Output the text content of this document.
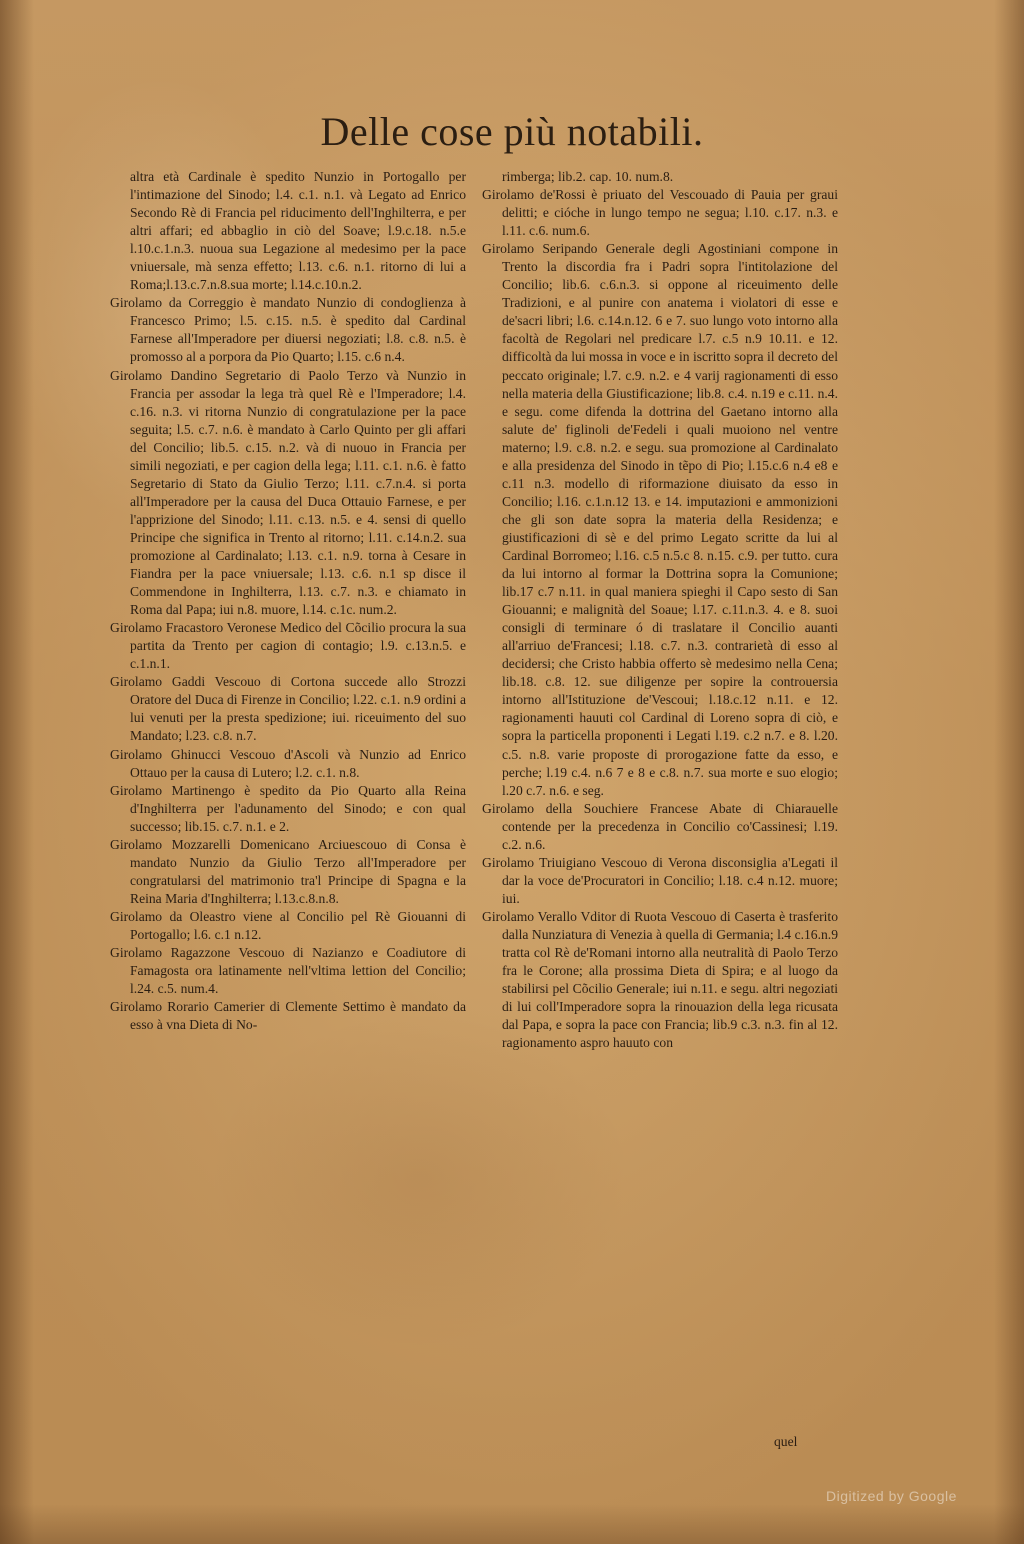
Delle cose più notabili.

altra età Cardinale è spedito Nunzio in Portogallo per l'intimazione del Sinodo; l.4. c.1. n.1. và Legato ad Enrico Secondo Rè di Francia pel riducimento dell'Inghilterra, e per altri affari; ed abbaglio in ciò del Soave; l.9.c.18. n.5.e l.10.c.1.n.3. nuoua sua Legazione al medesimo per la pace vniuersale, mà senza effetto; l.13. c.6. n.1. ritorno di lui a Roma;l.13.c.7.n.8.sua morte; l.14.c.10.n.2.

Girolamo da Correggio è mandato Nunzio di condoglienza à Francesco Primo; l.5. c.15. n.5. è spedito dal Cardinal Farnese all'Imperadore per diuersi negoziati; l.8. c.8. n.5. è promosso al a porpora da Pio Quarto; l.15. c.6 n.4.

Girolamo Dandino Segretario di Paolo Terzo và Nunzio in Francia per assodar la lega trà quel Rè e l'Imperadore; l.4. c.16. n.3. vi ritorna Nunzio di congratulazione per la pace seguita; l.5. c.7. n.6. è mandato à Carlo Quinto per gli affari del Concilio; lib.5. c.15. n.2. và di nuouo in Francia per simili negoziati, e per cagion della lega; l.11. c.1. n.6. è fatto Segretario di Stato da Giulio Terzo; l.11. c.7.n.4. si porta all'Imperadore per la causa del Duca Ottauio Farnese, e per l'apprizione del Sinodo; l.11. c.13. n.5. e 4. sensi di quello Principe che significa in Trento al ritorno; l.11. c.14.n.2. sua promozione al Cardinalato; l.13. c.1. n.9. torna à Cesare in Fiandra per la pace vniuersale; l.13. c.6. n.1 sp disce il Commendone in Inghilterra, l.13. c.7. n.3. e chiamato in Roma dal Papa; iui n.8. muore, l.14. c.1c. num.2.

Girolamo Fracastoro Veronese Medico del Cõcilio procura la sua partita da Trento per cagion di contagio; l.9. c.13.n.5. e c.1.n.1.

Girolamo Gaddi Vescouo di Cortona succede allo Strozzi Oratore del Duca di Firenze in Concilio; l.22. c.1. n.9 ordini a lui venuti per la presta spedizione; iui. riceuimento del suo Mandato; l.23. c.8. n.7.

Girolamo Ghinucci Vescouo d'Ascoli và Nunzio ad Enrico Ottauo per la causa di Lutero; l.2. c.1. n.8.

Girolamo Martinengo è spedito da Pio Quarto alla Reina d'Inghilterra per l'adunamento del Sinodo; e con qual successo; lib.15. c.7. n.1. e 2.

Girolamo Mozzarelli Domenicano Arciuescouo di Consa è mandato Nunzio da Giulio Terzo all'Imperadore per congratularsi del matrimonio tra'l Principe di Spagna e la Reina Maria d'Inghilterra; l.13.c.8.n.8.

Girolamo da Oleastro viene al Concilio pel Rè Giouanni di Portogallo; l.6. c.1 n.12.

Girolamo Ragazzone Vescouo di Nazianzo e Coadiutore di Famagosta ora latinamente nell'vltima lettion del Concilio; l.24. c.5. num.4.

Girolamo Rorario Camerier di Clemente Settimo è mandato da esso à vna Dieta di No-

rimberga; lib.2. cap. 10. num.8.

Girolamo de'Rossi è priuato del Vescouado di Pauia per graui delitti; e cióche in lungo tempo ne segua; l.10. c.17. n.3. e l.11. c.6. num.6.

Girolamo Seripando Generale degli Agostiniani compone in Trento la discordia fra i Padri sopra l'intitolazione del Concilio; lib.6. c.6.n.3. si oppone al riceuimento delle Tradizioni, e al punire con anatema i violatori di esse e de'sacri libri; l.6. c.14.n.12. 6 e 7. suo lungo voto intorno alla facoltà de Regolari nel predicare l.7. c.5 n.9 10.11. e 12. difficoltà da lui mossa in voce e in iscritto sopra il decreto del peccato originale; l.7. c.9. n.2. e 4 varij ragionamenti di esso nella materia della Giustificazione; lib.8. c.4. n.19 e c.11. n.4. e segu. come difenda la dottrina del Gaetano intorno alla salute de' figlinoli de'Fedeli i quali muoiono nel ventre materno; l.9. c.8. n.2. e segu. sua promozione al Cardinalato e alla presidenza del Sinodo in tẽpo di Pio; l.15.c.6 n.4 e8 e c.11 n.3. modello di riformazione diuisato da esso in Concilio; l.16. c.1.n.12 13. e 14. imputazioni e ammonizioni che gli son date sopra la materia della Residenza; e giustificazioni di sè e del primo Legato scritte da lui al Cardinal Borromeo; l.16. c.5 n.5.c 8. n.15. c.9. per tutto. cura da lui intorno al formar la Dottrina sopra la Comunione; lib.17 c.7 n.11. in qual maniera spieghi il Capo sesto di San Giouanni; e malignità del Soaue; l.17. c.11.n.3. 4. e 8. suoi consigli di terminare ó di traslatare il Concilio auanti all'arriuo de'Francesi; l.18. c.7. n.3. contrarietà di esso al decidersi; che Cristo habbia offerto sè medesimo nella Cena; lib.18. c.8. 12. sue diligenze per sopire la controuersia intorno all'Istituzione de'Vescoui; l.18.c.12 n.11. e 12. ragionamenti hauuti col Cardinal di Loreno sopra di ciò, e sopra la particella proponenti i Legati l.19. c.2 n.7. e 8. l.20. c.5. n.8. varie proposte di prorogazione fatte da esso, e perche; l.19 c.4. n.6 7 e 8 e c.8. n.7. sua morte e suo elogio; l.20 c.7. n.6. e seg.

Girolamo della Souchiere Francese Abate di Chiarauelle contende per la precedenza in Concilio co'Cassinesi; l.19. c.2. n.6.

Girolamo Triuigiano Vescouo di Verona disconsiglia a'Legati il dar la voce de'Procuratori in Concilio; l.18. c.4 n.12. muore; iui.

Girolamo Verallo Vditor di Ruota Vescouo di Caserta è trasferito dalla Nunziatura di Venezia à quella di Germania; l.4 c.16.n.9 tratta col Rè de'Romani intorno alla neutralità di Paolo Terzo fra le Corone; alla prossima Dieta di Spira; e al luogo da stabilirsi pel Cõcilio Generale; iui n.11. e segu. altri negoziati di lui coll'Imperadore sopra la rinouazion della lega ricusata dal Papa, e sopra la pace con Francia; lib.9 c.3. n.3. fin al 12. ragionamento aspro hauuto con

quel
Digitized by Google
